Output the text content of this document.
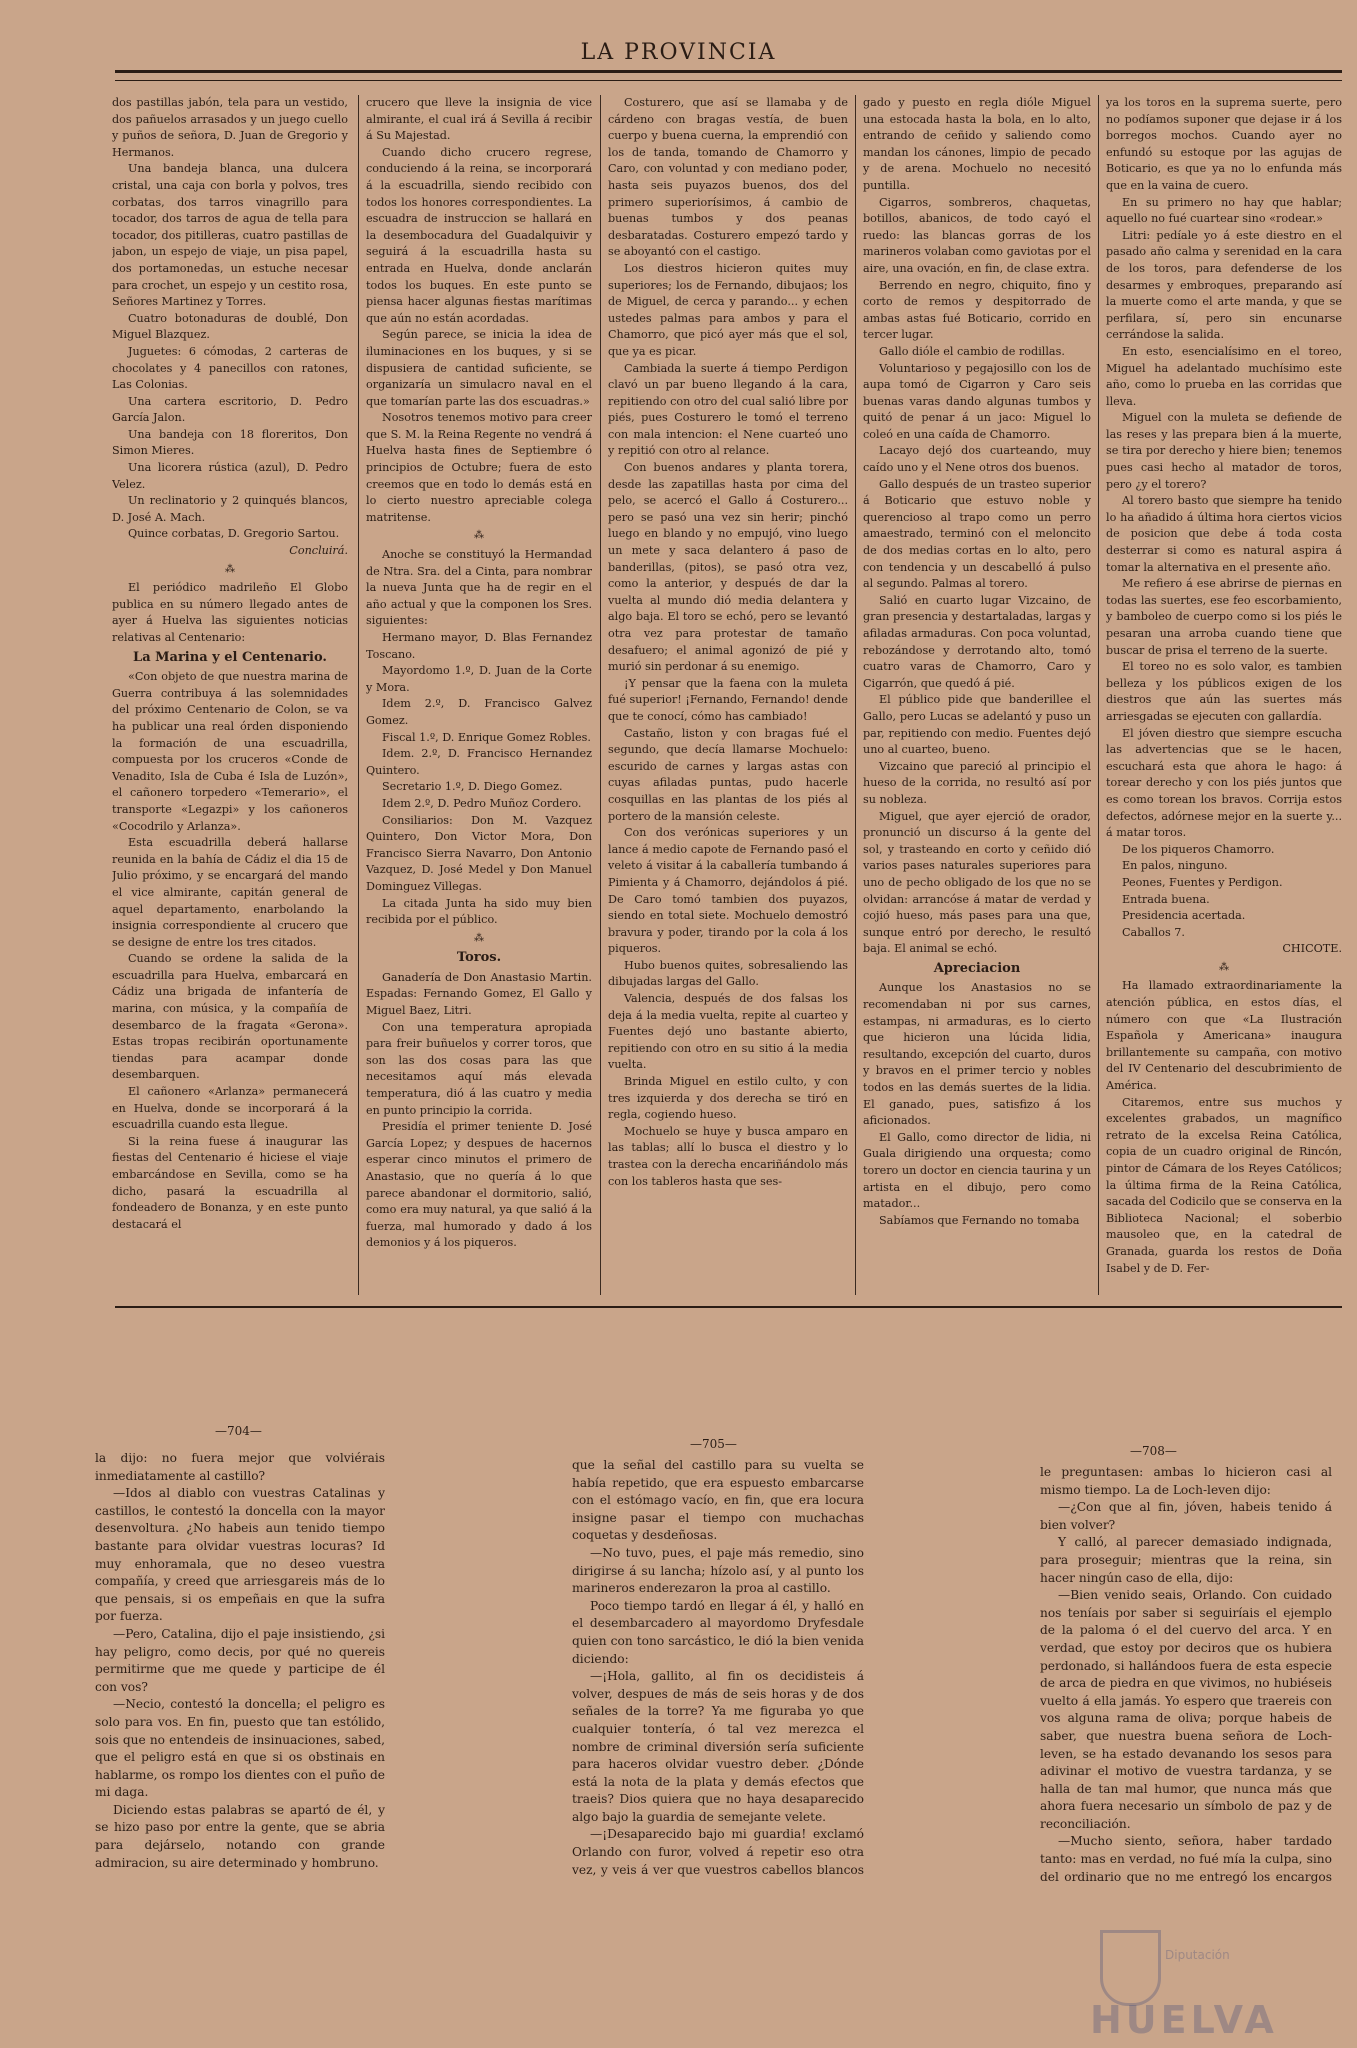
LA PROVINCIA

dos pastillas jabón, tela para un vestido, dos pañuelos arrasados y un juego cuello y puños de señora, D. Juan de Gregorio y Hermanos.

Una bandeja blanca, una dulcera cristal, una caja con borla y polvos, tres corbatas, dos tarros vinagrillo para tocador, dos tarros de agua de tella para tocador, dos pitilleras, cuatro pastillas de jabon, un espejo de viaje, un pisa papel, dos portamonedas, un estuche necesar para crochet, un espejo y un cestito rosa, Señores Martinez y Torres.

Cuatro botonaduras de doublé, Don Miguel Blazquez.

Juguetes: 6 cómodas, 2 carteras de chocolates y 4 panecillos con ratones, Las Colonias.

Una cartera escritorio, D. Pedro García Jalon.

Una bandeja con 18 floreritos, Don Simon Mieres.

Una licorera rústica (azul), D. Pedro Velez.

Un reclinatorio y 2 quinqués blancos, D. José A. Mach.

Quince corbatas, D. Gregorio Sartou.

Concluirá.

⁂

El periódico madrileño El Globo publica en su número llegado antes de ayer á Huelva las siguientes noticias relativas al Centenario:

La Marina y el Centenario.

«Con objeto de que nuestra marina de Guerra contribuya á las solemnidades del próximo Centenario de Colon, se va ha publicar una real órden disponiendo la formación de una escuadrilla, compuesta por los cruceros «Conde de Venadito, Isla de Cuba é Isla de Luzón», el cañonero torpedero «Temerario», el transporte «Legazpi» y los cañoneros «Cocodrilo y Arlanza».

Esta escuadrilla deberá hallarse reunida en la bahía de Cádiz el dia 15 de Julio próximo, y se encargará del mando el vice almirante, capitán general de aquel departamento, enarbolando la insignia correspondiente al crucero que se designe de entre los tres citados.

Cuando se ordene la salida de la escuadrilla para Huelva, embarcará en Cádiz una brigada de infantería de marina, con música, y la compañía de desembarco de la fragata «Gerona». Estas tropas recibirán oportunamente tiendas para acampar donde desembarquen.

El cañonero «Arlanza» permanecerá en Huelva, donde se incorporará á la escuadrilla cuando esta llegue.

Si la reina fuese á inaugurar las fiestas del Centenario é hiciese el viaje embarcándose en Sevilla, como se ha dicho, pasará la escuadrilla al fondeadero de Bonanza, y en este punto destacará el

crucero que lleve la insignia de vice almirante, el cual irá á Sevilla á recibir á Su Majestad.

Cuando dicho crucero regrese, conduciendo á la reina, se incorporará á la escuadrilla, siendo recibido con todos los honores correspondientes. La escuadra de instruccion se hallará en la desembocadura del Guadalquivir y seguirá á la escuadrilla hasta su entrada en Huelva, donde anclarán todos los buques. En este punto se piensa hacer algunas fiestas marítimas que aún no están acordadas.

Según parece, se inicia la idea de iluminaciones en los buques, y si se dispusiera de cantidad suficiente, se organizaría un simulacro naval en el que tomarían parte las dos escuadras.»

Nosotros tenemos motivo para creer que S. M. la Reina Regente no vendrá á Huelva hasta fines de Septiembre ó principios de Octubre; fuera de esto creemos que en todo lo demás está en lo cierto nuestro apreciable colega matritense.

⁂

Anoche se constituyó la Hermandad de Ntra. Sra. del a Cinta, para nombrar la nueva Junta que ha de regir en el año actual y que la componen los Sres. siguientes:

Hermano mayor, D. Blas Fernandez Toscano.

Mayordomo 1.º, D. Juan de la Corte y Mora.

Idem 2.º, D. Francisco Galvez Gomez.

Fiscal 1.º, D. Enrique Gomez Robles.

Idem. 2.º, D. Francisco Hernandez Quintero.

Secretario 1.º, D. Diego Gomez.

Idem 2.º, D. Pedro Muñoz Cordero.

Consiliarios: Don M. Vazquez Quintero, Don Victor Mora, Don Francisco Sierra Navarro, Don Antonio Vazquez, D. José Medel y Don Manuel Dominguez Villegas.

La citada Junta ha sido muy bien recibida por el público.

⁂

Toros.

Ganadería de Don Anastasio Martin. Espadas: Fernando Gomez, El Gallo y Miguel Baez, Litri.

Con una temperatura apropiada para freir buñuelos y correr toros, que son las dos cosas para las que necesitamos aquí más elevada temperatura, dió á las cuatro y media en punto principio la corrida.

Presidía el primer teniente D. José García Lopez; y despues de hacernos esperar cinco minutos el primero de Anastasio, que no quería á lo que parece abandonar el dormitorio, salió, como era muy natural, ya que salió á la fuerza, mal humorado y dado á los demonios y á los piqueros.

Costurero, que así se llamaba y de cárdeno con bragas vestía, de buen cuerpo y buena cuerna, la emprendió con los de tanda, tomando de Chamorro y Caro, con voluntad y con mediano poder, hasta seis puyazos buenos, dos del primero superiorísimos, á cambio de buenas tumbos y dos peanas desbaratadas. Costurero empezó tardo y se aboyantó con el castigo.

Los diestros hicieron quites muy superiores; los de Fernando, dibujaos; los de Miguel, de cerca y parando... y echen ustedes palmas para ambos y para el Chamorro, que picó ayer más que el sol, que ya es picar.

Cambiada la suerte á tiempo Perdigon clavó un par bueno llegando á la cara, repitiendo con otro del cual salió libre por piés, pues Costurero le tomó el terreno con mala intencion: el Nene cuarteó uno y repitió con otro al relance.

Con buenos andares y planta torera, desde las zapatillas hasta por cima del pelo, se acercó el Gallo á Costurero... pero se pasó una vez sin herir; pinchó luego en blando y no empujó, vino luego un mete y saca delantero á paso de banderillas, (pitos), se pasó otra vez, como la anterior, y después de dar la vuelta al mundo dió media delantera y algo baja. El toro se echó, pero se levantó otra vez para protestar de tamaño desafuero; el animal agonizó de pié y murió sin perdonar á su enemigo.

¡Y pensar que la faena con la muleta fué superior! ¡Fernando, Fernando! dende que te conocí, cómo has cambiado!

Castaño, liston y con bragas fué el segundo, que decía llamarse Mochuelo: escurido de carnes y largas astas con cuyas afiladas puntas, pudo hacerle cosquillas en las plantas de los piés al portero de la mansión celeste.

Con dos verónicas superiores y un lance á medio capote de Fernando pasó el veleto á visitar á la caballería tumbando á Pimienta y á Chamorro, dejándolos á pié. De Caro tomó tambien dos puyazos, siendo en total siete. Mochuelo demostró bravura y poder, tirando por la cola á los piqueros.

Hubo buenos quites, sobresaliendo las dibujadas largas del Gallo.

Valencia, después de dos falsas los deja á la media vuelta, repite al cuarteo y Fuentes dejó uno bastante abierto, repitiendo con otro en su sitio á la media vuelta.

Brinda Miguel en estilo culto, y con tres izquierda y dos derecha se tiró en regla, cogiendo hueso.

Mochuelo se huye y busca amparo en las tablas; allí lo busca el diestro y lo trastea con la derecha encariñándolo más con los tableros hasta que ses-

gado y puesto en regla dióle Miguel una estocada hasta la bola, en lo alto, entrando de ceñido y saliendo como mandan los cánones, limpio de pecado y de arena. Mochuelo no necesitó puntilla.

Cigarros, sombreros, chaquetas, botillos, abanicos, de todo cayó el ruedo: las blancas gorras de los marineros volaban como gaviotas por el aire, una ovación, en fin, de clase extra.

Berrendo en negro, chiquito, fino y corto de remos y despitorrado de ambas astas fué Boticario, corrido en tercer lugar.

Gallo dióle el cambio de rodillas.

Voluntarioso y pegajosillo con los de aupa tomó de Cigarron y Caro seis buenas varas dando algunas tumbos y quitó de penar á un jaco: Miguel lo coleó en una caída de Chamorro.

Lacayo dejó dos cuarteando, muy caído uno y el Nene otros dos buenos.

Gallo después de un trasteo superior á Boticario que estuvo noble y querencioso al trapo como un perro amaestrado, terminó con el meloncito de dos medias cortas en lo alto, pero con tendencia y un descabelló á pulso al segundo. Palmas al torero.

Salió en cuarto lugar Vizcaino, de gran presencia y destartaladas, largas y afiladas armaduras. Con poca voluntad, rebozándose y derrotando alto, tomó cuatro varas de Chamorro, Caro y Cigarrón, que quedó á pié.

El público pide que banderillee el Gallo, pero Lucas se adelantó y puso un par, repitiendo con medio. Fuentes dejó uno al cuarteo, bueno.

Vizcaino que pareció al principio el hueso de la corrida, no resultó así por su nobleza.

Miguel, que ayer ejerció de orador, pronunció un discurso á la gente del sol, y trasteando en corto y ceñido dió varios pases naturales superiores para uno de pecho obligado de los que no se olvidan: arrancóse á matar de verdad y cojió hueso, más pases para una que, sunque entró por derecho, le resultó baja. El animal se echó.

Apreciacion

Aunque los Anastasios no se recomendaban ni por sus carnes, estampas, ni armaduras, es lo cierto que hicieron una lúcida lidia, resultando, excepción del cuarto, duros y bravos en el primer tercio y nobles todos en las demás suertes de la lidia. El ganado, pues, satisfizo á los aficionados.

El Gallo, como director de lidia, ni Guala dirigiendo una orquesta; como torero un doctor en ciencia taurina y un artista en el dibujo, pero como matador...

Sabíamos que Fernando no tomaba

ya los toros en la suprema suerte, pero no podíamos suponer que dejase ir á los borregos mochos. Cuando ayer no enfundó su estoque por las agujas de Boticario, es que ya no lo enfunda más que en la vaina de cuero.

En su primero no hay que hablar; aquello no fué cuartear sino «rodear.»

Litri: pedíale yo á este diestro en el pasado año calma y serenidad en la cara de los toros, para defenderse de los desarmes y embroques, preparando así la muerte como el arte manda, y que se perfilara, sí, pero sin encunarse cerrándose la salida.

En esto, esencialísimo en el toreo, Miguel ha adelantado muchísimo este año, como lo prueba en las corridas que lleva.

Miguel con la muleta se defiende de las reses y las prepara bien á la muerte, se tira por derecho y hiere bien; tenemos pues casi hecho al matador de toros, pero ¿y el torero?

Al torero basto que siempre ha tenido lo ha añadido á última hora ciertos vicios de posicion que debe á toda costa desterrar si como es natural aspira á tomar la alternativa en el presente año.

Me refiero á ese abrirse de piernas en todas las suertes, ese feo escorbamiento, y bamboleo de cuerpo como si los piés le pesaran una arroba cuando tiene que buscar de prisa el terreno de la suerte.

El toreo no es solo valor, es tambien belleza y los públicos exigen de los diestros que aún las suertes más arriesgadas se ejecuten con gallardía.

El jóven diestro que siempre escucha las advertencias que se le hacen, escuchará esta que ahora le hago: á torear derecho y con los piés juntos que es como torean los bravos. Corrija estos defectos, adórnese mejor en la suerte y... á matar toros.

De los piqueros Chamorro.

En palos, ninguno.

Peones, Fuentes y Perdigon.

Entrada buena.

Presidencia acertada.

Caballos 7.

CHICOTE.

⁂

Ha llamado extraordinariamente la atención pública, en estos días, el número con que «La Ilustración Española y Americana» inaugura brillantemente su campaña, con motivo del IV Centenario del descubrimiento de América.

Citaremos, entre sus muchos y excelentes grabados, un magnífico retrato de la excelsa Reina Católica, copia de un cuadro original de Rincón, pintor de Cámara de los Reyes Católicos; la última firma de la Reina Católica, sacada del Codicilo que se conserva en la Biblioteca Nacional; el soberbio mausoleo que, en la catedral de Granada, guarda los restos de Doña Isabel y de D. Fer-

—704—
—705—	—708—

la dijo: no fuera mejor que volviérais inmediatamente al castillo?

—Idos al diablo con vuestras Catalinas y castillos, le contestó la doncella con la mayor desenvoltura. ¿No habeis aun tenido tiempo bastante para olvidar vuestras locuras? Id muy enhoramala, que no deseo vuestra compañía, y creed que arriesgareis más de lo que pensais, si os empeñais en que la sufra por fuerza.

—Pero, Catalina, dijo el paje insistiendo, ¿si hay peligro, como decis, por qué no quereis permitirme que me quede y participe de él con vos?

—Necio, contestó la doncella; el peligro es solo para vos. En fin, puesto que tan estólido, sois que no entendeis de insinuaciones, sabed, que el peligro está en que si os obstinais en hablarme, os rompo los dientes con el puño de mi daga.

Diciendo estas palabras se apartó de él, y se hizo paso por entre la gente, que se abria para dejárselo, notando con grande admiracion, su aire determinado y hombruno.

que la señal del castillo para su vuelta se había repetido, que era espuesto embarcarse con el estómago vacío, en fin, que era locura insigne pasar el tiempo con muchachas coquetas y desdeñosas.

—No tuvo, pues, el paje más remedio, sino dirigirse á su lancha; hízolo así, y al punto los marineros enderezaron la proa al castillo.

Poco tiempo tardó en llegar á él, y halló en el desembarcadero al mayordomo Dryfesdale quien con tono sarcástico, le dió la bien venida diciendo:

—¡Hola, gallito, al fin os decidisteis á volver, despues de más de seis horas y de dos señales de la torre? Ya me figuraba yo que cualquier tontería, ó tal vez merezca el nombre de criminal diversión sería suficiente para haceros olvidar vuestro deber. ¿Dónde está la nota de la plata y demás efectos que traeis? Dios quiera que no haya desaparecido algo bajo la guardia de semejante velete.

—¡Desaparecido bajo mi guardia! exclamó Orlando con furor, volved á repetir eso otra vez, y veis á ver que vuestros cabellos blancos

le preguntasen: ambas lo hicieron casi al mismo tiempo. La de Loch-leven dijo:

—¿Con que al fin, jóven, habeis tenido á bien volver?

Y calló, al parecer demasiado indignada, para proseguir; mientras que la reina, sin hacer ningún caso de ella, dijo:

—Bien venido seais, Orlando. Con cuidado nos teníais por saber si seguiríais el ejemplo de la paloma ó el del cuervo del arca. Y en verdad, que estoy por deciros que os hubiera perdonado, si hallándoos fuera de esta especie de arca de piedra en que vivimos, no hubiéseis vuelto á ella jamás. Yo espero que traereis con vos alguna rama de oliva; porque habeis de saber, que nuestra buena señora de Loch-leven, se ha estado devanando los sesos para adivinar el motivo de vuestra tardanza, y se halla de tan mal humor, que nunca más que ahora fuera necesario un símbolo de paz y de reconciliación.

—Mucho siento, señora, haber tardado tanto: mas en verdad, no fué mía la culpa, sino del ordinario que no me entregó los encargos

Diputación
HUELVA
